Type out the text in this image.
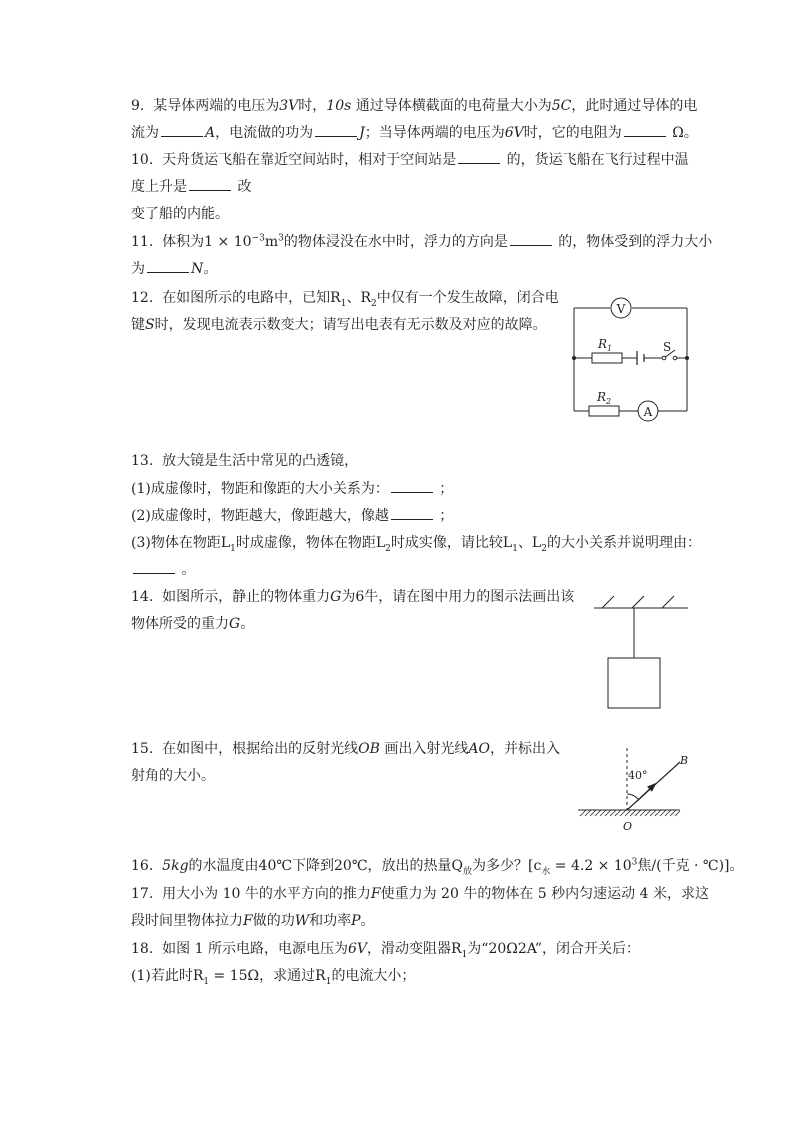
9. 某导体两端的电压为3V时，10s 通过导体横截面的电荷量大小为5C，此时通过导体的电
流为	A，电流做的功为	J；当导体两端的电压为6V时，它的电阻为	Ω。
10. 天舟货运飞船在靠近空间站时，相对于空间站是	的，货运飞船在飞行过程中温
度上升是	改
变了船的内能。
11. 体积为$1 \times 10^{-3}m^3$的物体浸没在水中时，浮力的方向是	的，物体受到的浮力大小
为	N。
12. 在如图所示的电路中，已知$R_1$、$R_2$中仅有一个发生故障，闭合电
键S时，发现电流表示数变大；请写出电表有无示数及对应的故障。
V
$R_1$	S
$R_2$
A
13. 放大镜是生活中常见的凸透镜，
(1)成虚像时，物距和像距的大小关系为：	；
(2)成虚像时，物距越大，像距越大，像越	；
(3)物体在物距$L_1$时成虚像，物体在物距$L_2$时成实像，请比较$L_1$、$L_2$的大小关系并说明理由：
。
14. 如图所示，静止的物体重力G为6牛，请在图中用力的图示法画出该
物体所受的重力G。
15. 在如图中，根据给出的反射光线OB 画出入射光线AO，并标出入
射角的大小。	40°
B
O
16. 5kg的水温度由40℃下降到20℃，放出的热量$Q_放$为多少？[$c_水 = 4.2 \times 10^3$焦/(千克 · ℃)]。
17. 用大小为 10 牛的水平方向的推力F使重力为 20 牛的物体在 5 秒内匀速运动 4 米，求这
段时间里物体拉力F做的功W和功率P。
18. 如图 1 所示电路，电源电压为6V，滑动变阻器$R_1$为“20Ω2A”，闭合开关后：
(1)若此时$R_1 = 15\Omega$，求通过$R_1$的电流大小；
